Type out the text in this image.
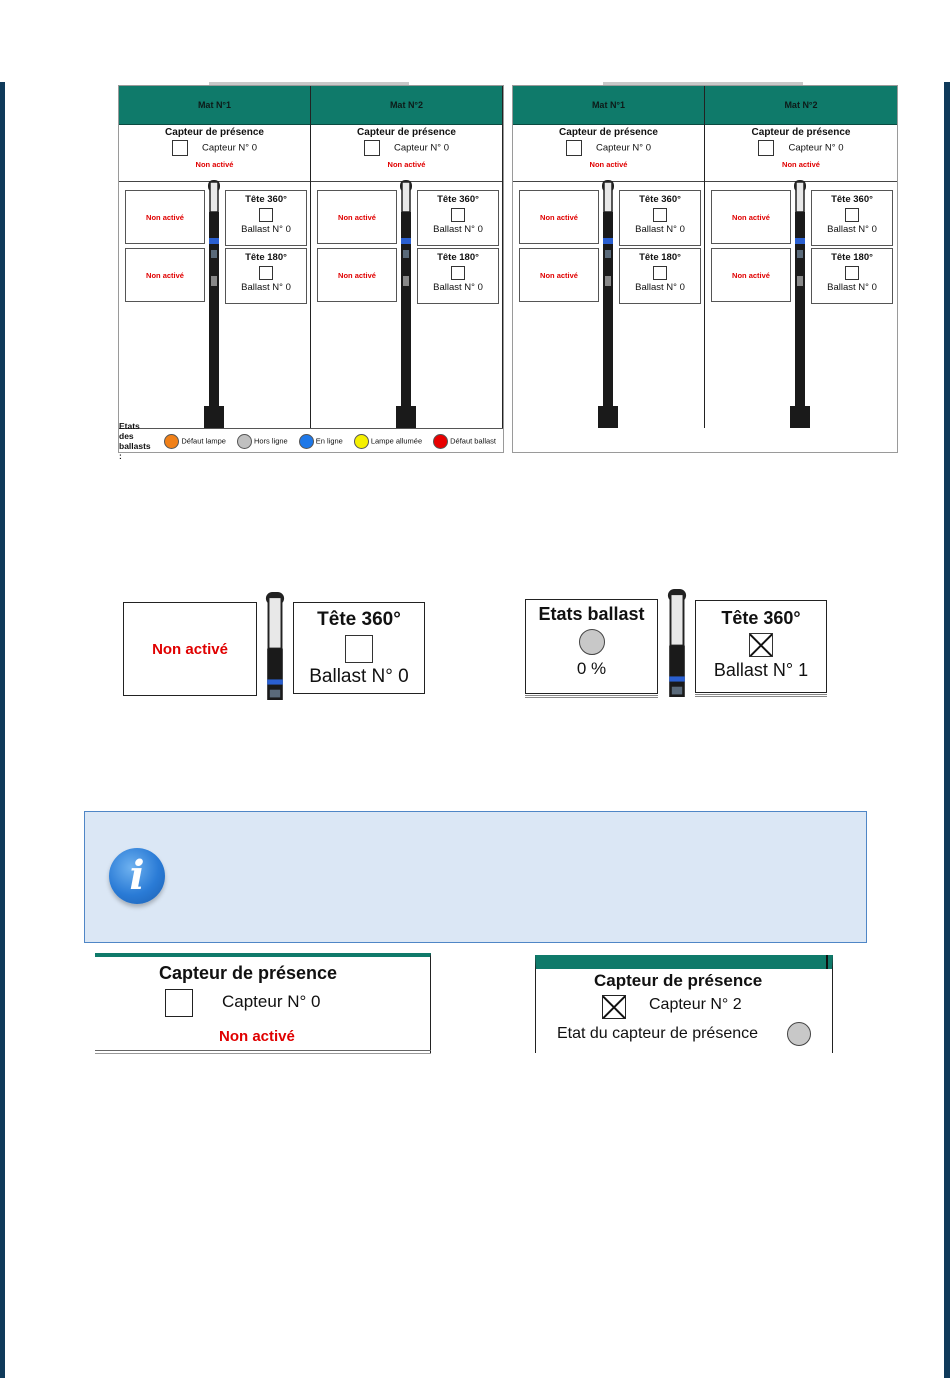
Mat N°1
Capteur de présence
Capteur N° 0
Non activé
Non activé
Non activé
Tête 360°
Ballast N° 0
Tête 180°
Ballast N° 0
Mat N°2
Capteur de présence
Capteur N° 0
Non activé
Non activé
Non activé
Tête 360°
Ballast N° 0
Tête 180°
Ballast N° 0
Etats des ballasts :
Défaut lampe	Hors ligne	En ligne	Lampe allumée	Défaut ballast
Mat N°1
Capteur de présence
Capteur N° 0
Non activé
Non activé
Non activé
Tête 360°
Ballast N° 0
Tête 180°
Ballast N° 0
Mat N°2
Capteur de présence
Capteur N° 0
Non activé
Non activé
Non activé
Tête 360°
Ballast N° 0
Tête 180°
Ballast N° 0
Non activé
Tête 360°
Ballast N° 0
Etats ballast
0 %
Tête 360°
Ballast N° 1
i
Capteur de présence
Capteur N° 0
Non activé
Capteur de présence
Capteur N° 2
Etat du capteur de présence
